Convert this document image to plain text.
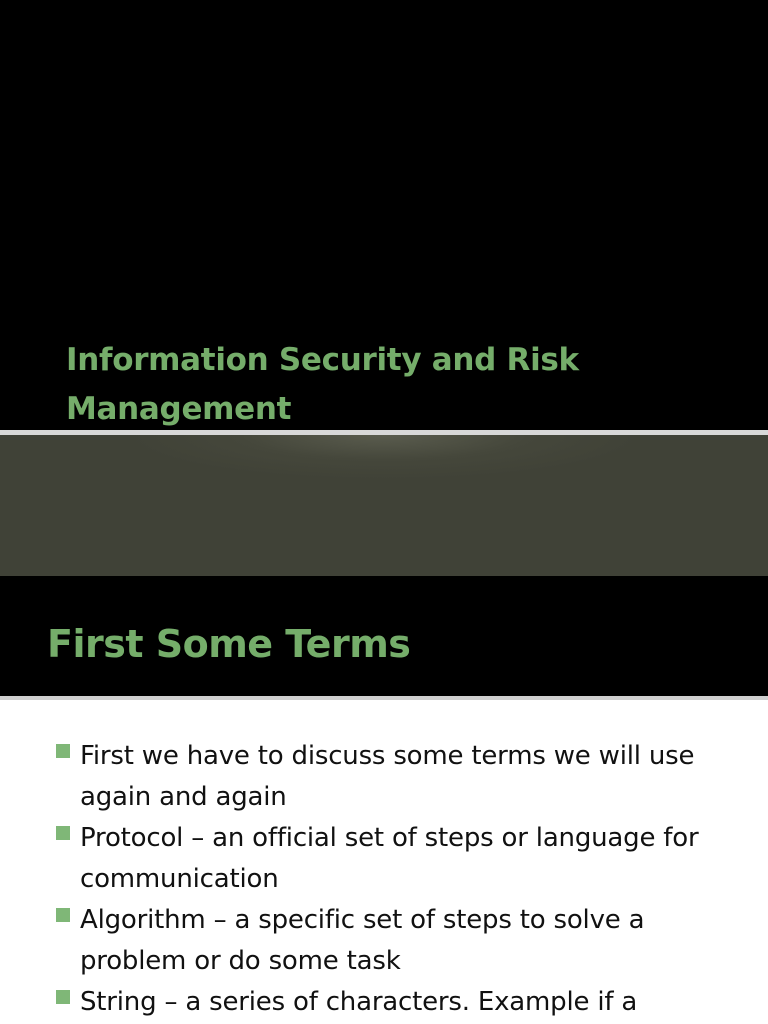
Information Security and Risk Management
First Some Terms
First we have to discuss some terms we will use again and again
Protocol – an official set of steps or language for communication
Algorithm – a specific set of steps to solve a problem or do some task
String – a series of characters. Example if a
